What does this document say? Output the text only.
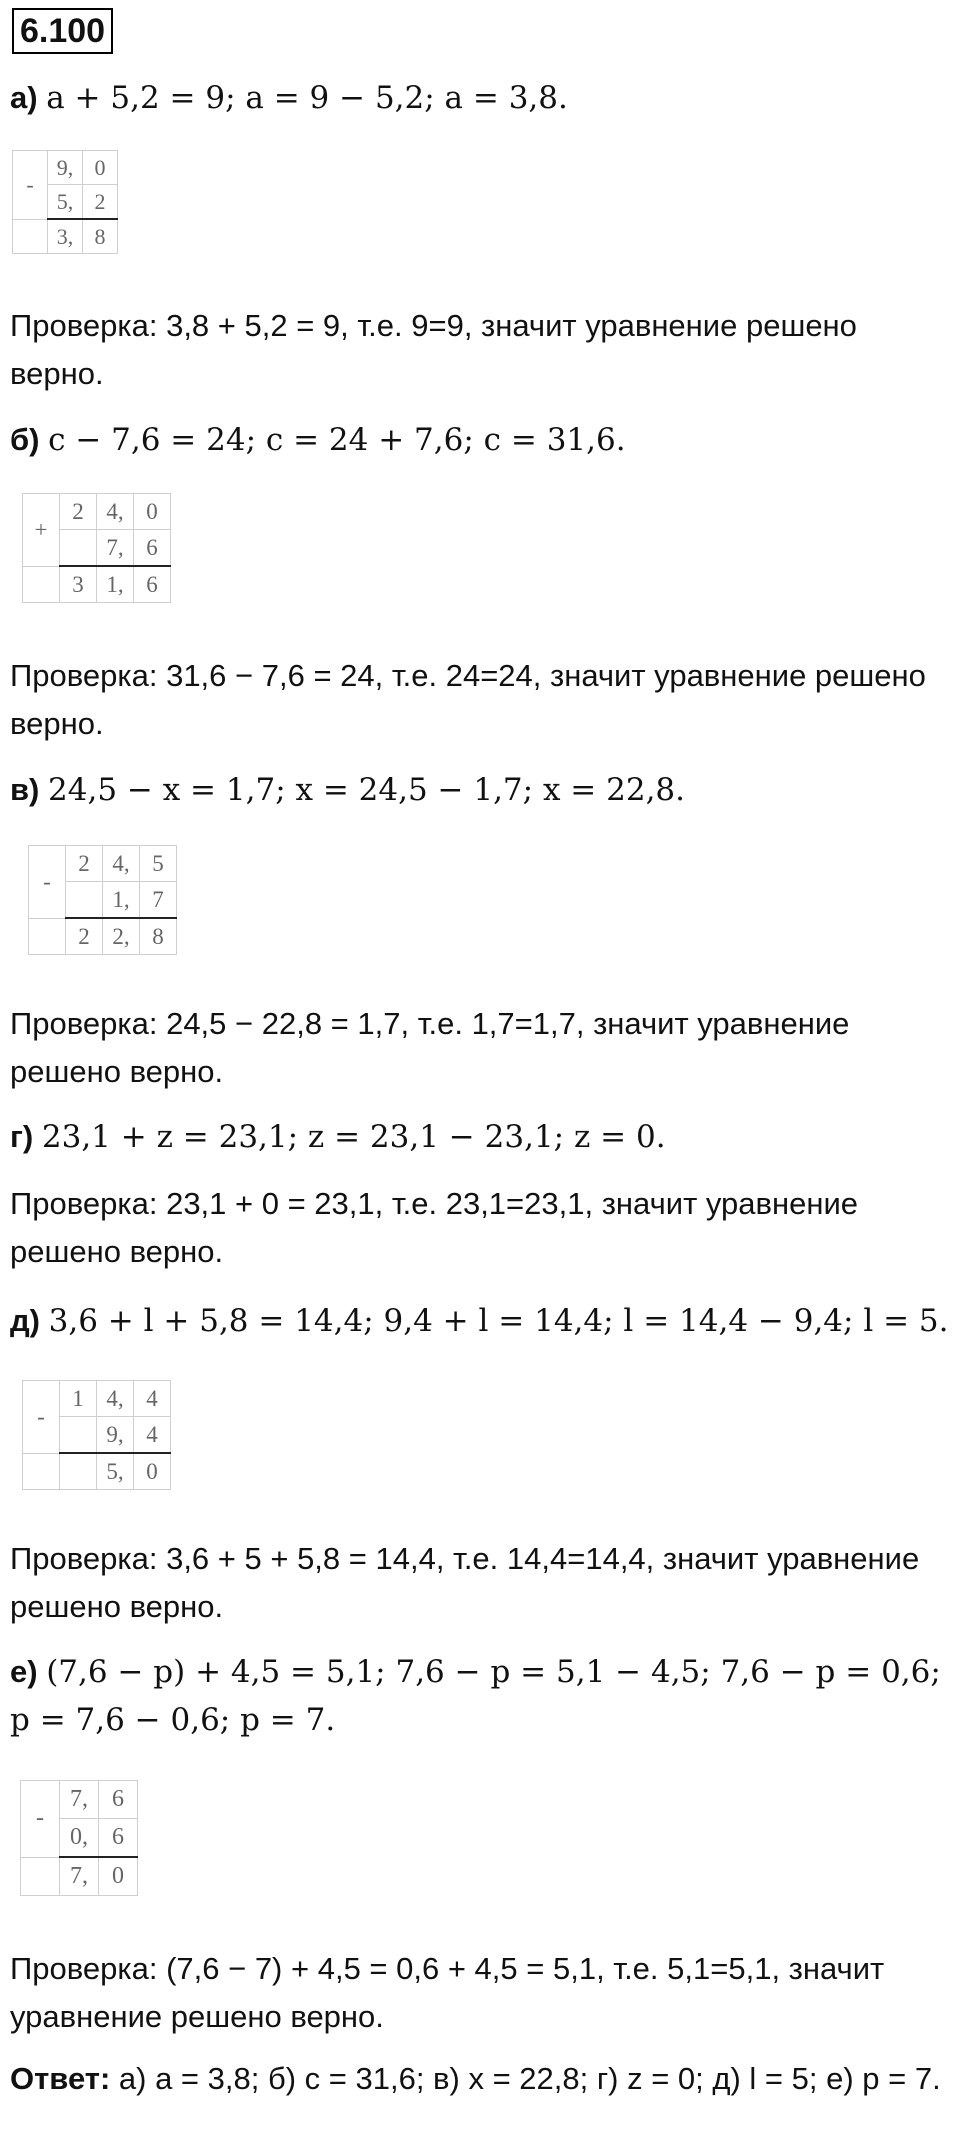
6.100
а) a + 5,2 = 9; a = 9 − 5,2; a = 3,8.
-	9,	0
	5,	2
	3,	8
Проверка: 3,8 + 5,2 = 9, т.е. 9=9, значит уравнение решено верно.
б) c − 7,6 = 24; c = 24 + 7,6; c = 31,6.
+	2	4,	0
		7,	6
	3	1,	6
Проверка: 31,6 − 7,6 = 24, т.е. 24=24, значит уравнение решено верно.
в) 24,5 − x = 1,7; x = 24,5 − 1,7; x = 22,8.
-	2	4,	5
		1,	7
	2	2,	8
Проверка: 24,5 − 22,8 = 1,7, т.е. 1,7=1,7, значит уравнение решено верно.
г) 23,1 + z = 23,1; z = 23,1 − 23,1; z = 0.
Проверка: 23,1 + 0 = 23,1, т.е. 23,1=23,1, значит уравнение решено верно.
д) 3,6 + l + 5,8 = 14,4; 9,4 + l = 14,4; l = 14,4 − 9,4; l = 5.
-	1	4,	4
		9,	4
		5,	0
Проверка: 3,6 + 5 + 5,8 = 14,4, т.е. 14,4=14,4, значит уравнение решено верно.
е) (7,6 − p) + 4,5 = 5,1; 7,6 − p = 5,1 − 4,5; 7,6 − p = 0,6; p = 7,6 − 0,6; p = 7.
-	7,	6
	0,	6
	7,	0
Проверка: (7,6 − 7) + 4,5 = 0,6 + 4,5 = 5,1, т.е. 5,1=5,1, значит уравнение решено верно.
Ответ: а) a = 3,8; б) c = 31,6; в) x = 22,8; г) z = 0; д) l = 5; е) p = 7.
